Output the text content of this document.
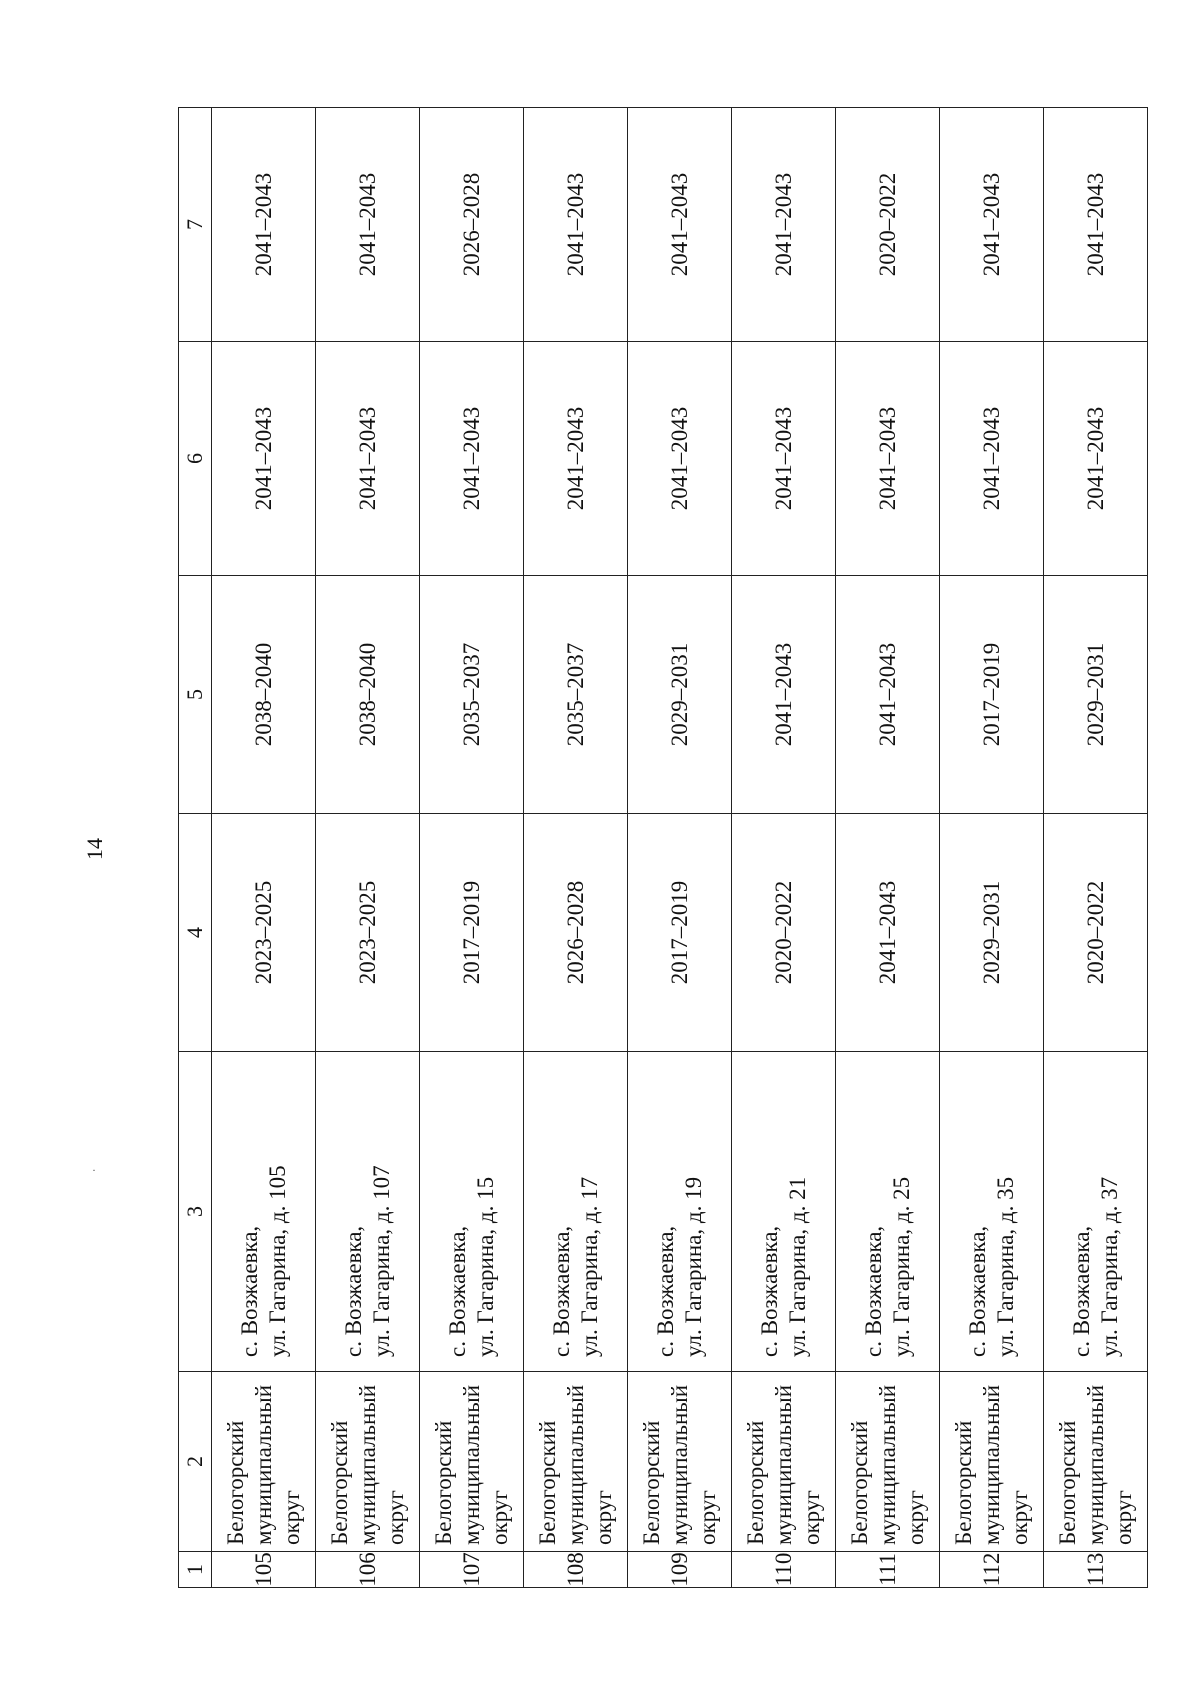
14
·
1	2	3	4	5	6	7
105	Белогорский муниципальный округ	с. Возжаевка, ул. Гагарина, д. 105	2023–2025	2038–2040	2041–2043	2041–2043
106	Белогорский муниципальный округ	с. Возжаевка, ул. Гагарина, д. 107	2023–2025	2038–2040	2041–2043	2041–2043
107	Белогорский муниципальный округ	с. Возжаевка, ул. Гагарина, д. 15	2017–2019	2035–2037	2041–2043	2026–2028
108	Белогорский муниципальный округ	с. Возжаевка, ул. Гагарина, д. 17	2026–2028	2035–2037	2041–2043	2041–2043
109	Белогорский муниципальный округ	с. Возжаевка, ул. Гагарина, д. 19	2017–2019	2029–2031	2041–2043	2041–2043
110	Белогорский муниципальный округ	с. Возжаевка, ул. Гагарина, д. 21	2020–2022	2041–2043	2041–2043	2041–2043
111	Белогорский муниципальный округ	с. Возжаевка, ул. Гагарина, д. 25	2041–2043	2041–2043	2041–2043	2020–2022
112	Белогорский муниципальный округ	с. Возжаевка, ул. Гагарина, д. 35	2029–2031	2017–2019	2041–2043	2041–2043
113	Белогорский муниципальный округ	с. Возжаевка, ул. Гагарина, д. 37	2020–2022	2029–2031	2041–2043	2041–2043
